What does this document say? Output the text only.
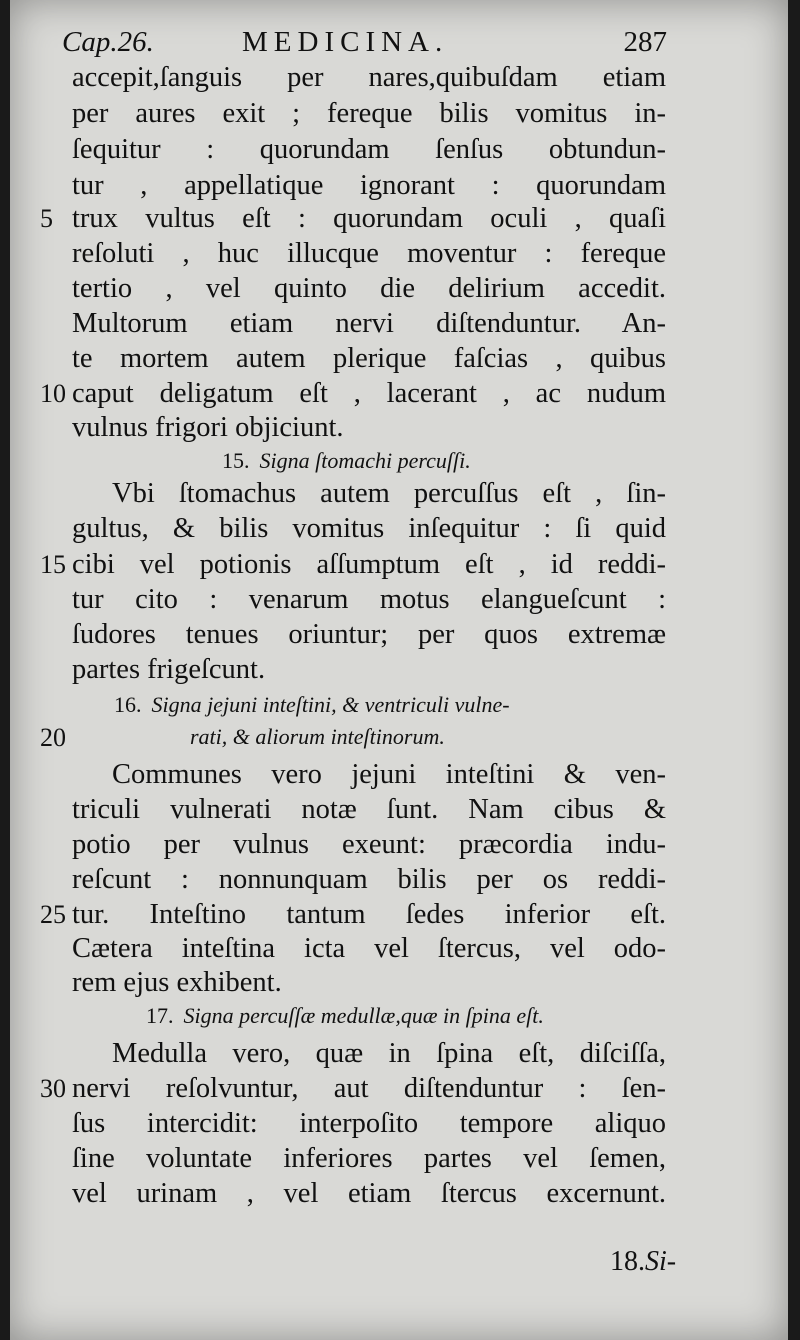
Cap.26.	MEDICINA.	287
accepit,ſanguis per nares,quibuſdam etiam
per aures exit ; fereque bilis vomitus in-
ſequitur : quorundam ſenſus obtundun-
tur , appellatique ignorant : quorundam
5 trux vultus eſt : quorundam oculi , quaſi
reſoluti , huc illucque moventur : fereque
tertio , vel quinto die delirium accedit.
Multorum etiam nervi diſtenduntur. An-
te mortem autem plerique faſcias , quibus
10 caput deligatum eſt , lacerant , ac nudum
vulnus frigori objiciunt.
15. Signa ſtomachi percuſſi.
Vbi ſtomachus autem percuſſus eſt , ſin-
gultus, & bilis vomitus inſequitur : ſi quid
15 cibi vel potionis aſſumptum eſt , id reddi-
tur cito : venarum motus elangueſcunt :
ſudores tenues oriuntur; per quos extremæ
partes frigeſcunt.
16. Signa jejuni inteſtini, & ventriculi vulne-
20	rati, & aliorum inteſtinorum.
Communes vero jejuni inteſtini & ven-
triculi vulnerati notæ ſunt. Nam cibus &
potio per vulnus exeunt: præcordia indu-
reſcunt : nonnunquam bilis per os reddi-
25 tur. Inteſtino tantum ſedes inferior eſt.
Cætera inteſtina icta vel ſtercus, vel odo-
rem ejus exhibent.
17. Signa percuſſæ medullæ,quæ in ſpina eſt.
Medulla vero, quæ in ſpina eſt, diſciſſa,
30 nervi reſolvuntur, aut diſtenduntur : ſen-
ſus intercidit: interpoſito tempore aliquo
ſine voluntate inferiores partes vel ſemen,
vel urinam , vel etiam ſtercus excernunt.
18.Si-
